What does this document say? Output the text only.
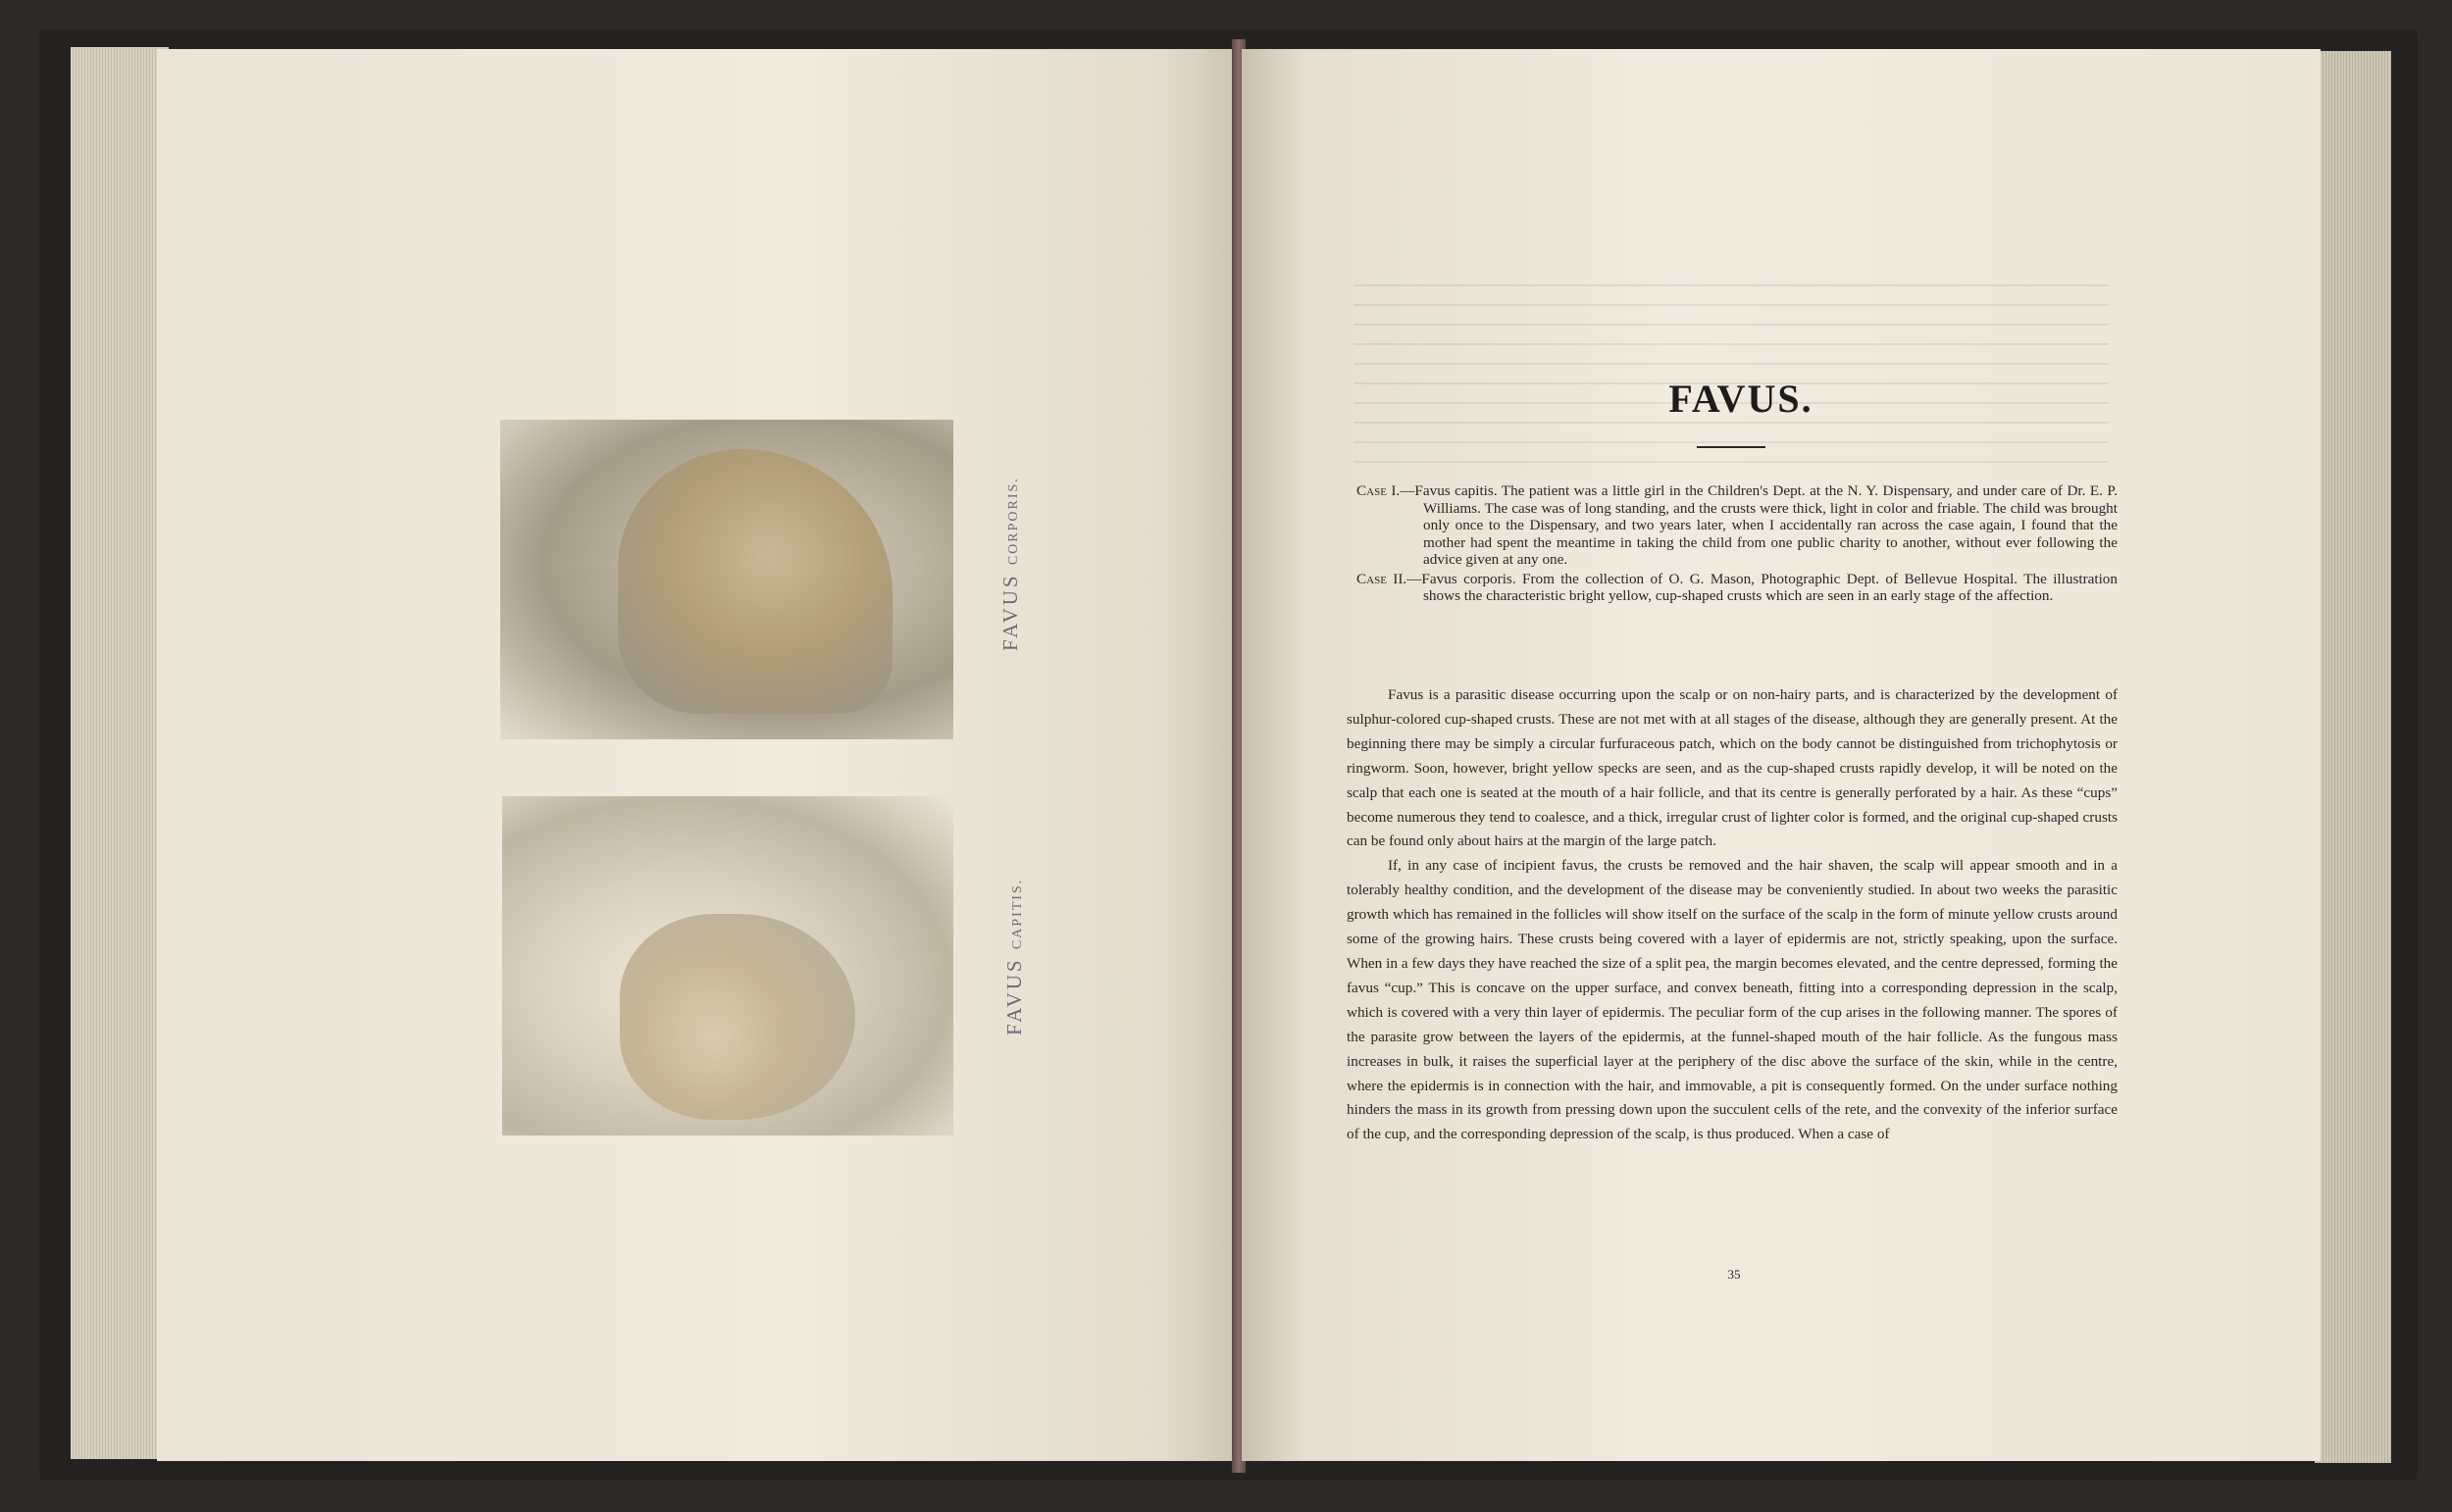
FAVUS CORPORIS.
FAVUS CAPITIS.
FAVUS.

Case I.—Favus capitis. The patient was a little girl in the Children's Dept. at the N. Y. Dispensary, and under care of Dr. E. P. Williams. The case was of long standing, and the crusts were thick, light in color and friable. The child was brought only once to the Dispensary, and two years later, when I accidentally ran across the case again, I found that the mother had spent the meantime in taking the child from one public charity to another, without ever following the advice given at any one.

Case II.—Favus corporis. From the collection of O. G. Mason, Photographic Dept. of Bellevue Hospital. The illustration shows the characteristic bright yellow, cup-shaped crusts which are seen in an early stage of the affection.

Favus is a parasitic disease occurring upon the scalp or on non-hairy parts, and is characterized by the development of sulphur-colored cup-shaped crusts. These are not met with at all stages of the disease, although they are generally present. At the beginning there may be simply a circular furfuraceous patch, which on the body cannot be distinguished from trichophytosis or ringworm. Soon, however, bright yellow specks are seen, and as the cup-shaped crusts rapidly develop, it will be noted on the scalp that each one is seated at the mouth of a hair follicle, and that its centre is generally perforated by a hair. As these “cups” become numerous they tend to coalesce, and a thick, irregular crust of lighter color is formed, and the original cup-shaped crusts can be found only about hairs at the margin of the large patch.

If, in any case of incipient favus, the crusts be removed and the hair shaven, the scalp will appear smooth and in a tolerably healthy condition, and the development of the disease may be conveniently studied. In about two weeks the parasitic growth which has remained in the follicles will show itself on the surface of the scalp in the form of minute yellow crusts around some of the growing hairs. These crusts being covered with a layer of epidermis are not, strictly speaking, upon the surface. When in a few days they have reached the size of a split pea, the margin becomes elevated, and the centre depressed, forming the favus “cup.” This is concave on the upper surface, and convex beneath, fitting into a corresponding depression in the scalp, which is covered with a very thin layer of epidermis. The peculiar form of the cup arises in the following manner. The spores of the parasite grow between the layers of the epidermis, at the funnel-shaped mouth of the hair follicle. As the fungous mass increases in bulk, it raises the superficial layer at the periphery of the disc above the surface of the skin, while in the centre, where the epidermis is in connection with the hair, and immovable, a pit is consequently formed. On the under surface nothing hinders the mass in its growth from pressing down upon the succulent cells of the rete, and the convexity of the inferior surface of the cup, and the corresponding depression of the scalp, is thus produced. When a case of

35
